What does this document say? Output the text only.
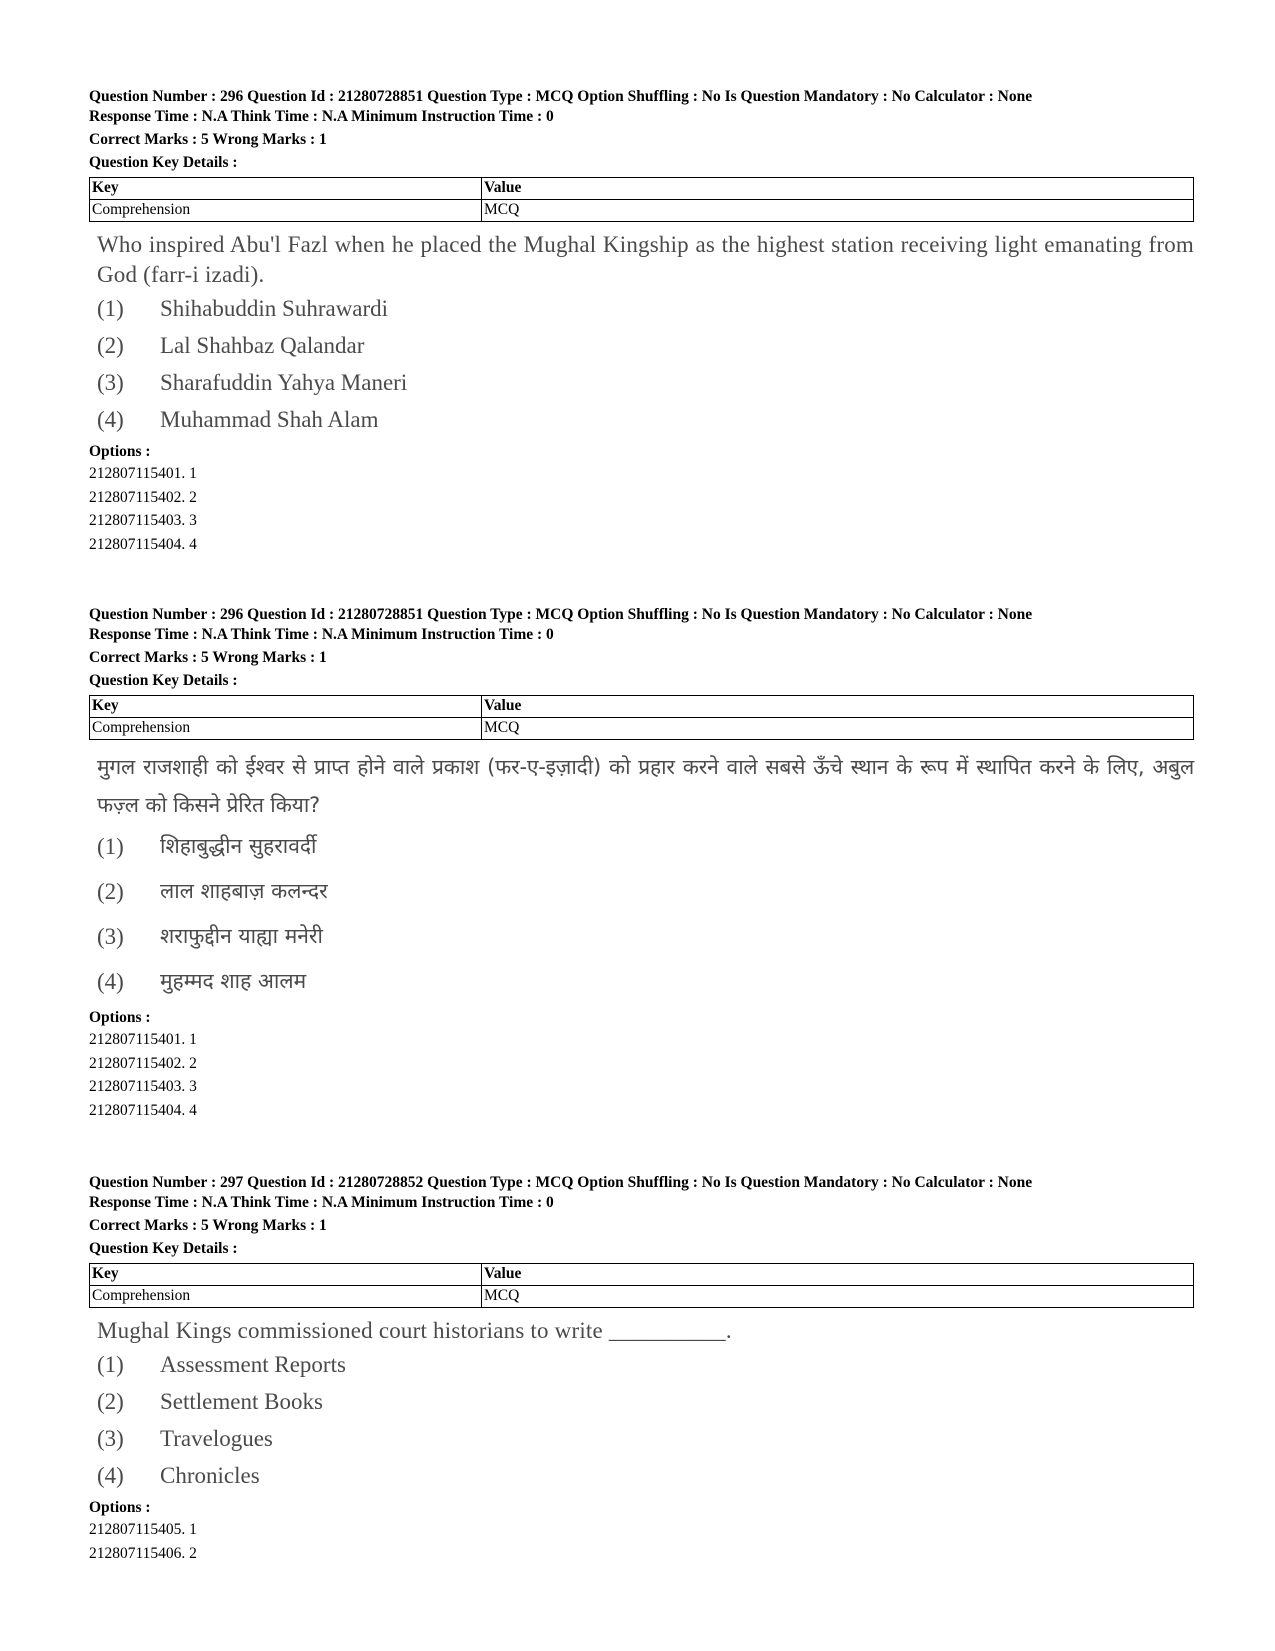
Question Number : 296 Question Id : 21280728851 Question Type : MCQ Option Shuffling : No Is Question Mandatory : No Calculator : None
Response Time : N.A Think Time : N.A Minimum Instruction Time : 0
Correct Marks : 5 Wrong Marks : 1
Question Key Details :
Key	Value
Comprehension	MCQ
Who inspired Abu'l Fazl when he placed the Mughal Kingship as the highest station receiving light emanating from God (farr-i izadi).
(1)	Shihabuddin Suhrawardi
(2)	Lal Shahbaz Qalandar
(3)	Sharafuddin Yahya Maneri
(4)	Muhammad Shah Alam
Options :
212807115401. 1
212807115402. 2
212807115403. 3
212807115404. 4
Question Number : 296 Question Id : 21280728851 Question Type : MCQ Option Shuffling : No Is Question Mandatory : No Calculator : None
Response Time : N.A Think Time : N.A Minimum Instruction Time : 0
Correct Marks : 5 Wrong Marks : 1
Question Key Details :
Key	Value
Comprehension	MCQ
मुगल राजशाही को ईश्वर से प्राप्त होने वाले प्रकाश (फर-ए-इज़ादी) को प्रहार करने वाले सबसे ऊँचे स्थान के रूप में स्थापित करने के लिए, अबुल फज़्ल को किसने प्रेरित किया?
(1)	शिहाबुद्धीन सुहरावर्दी
(2)	लाल शाहबाज़ कलन्दर
(3)	शराफुद्दीन याह्या मनेरी
(4)	मुहम्मद शाह आलम
Options :
212807115401. 1
212807115402. 2
212807115403. 3
212807115404. 4
Question Number : 297 Question Id : 21280728852 Question Type : MCQ Option Shuffling : No Is Question Mandatory : No Calculator : None
Response Time : N.A Think Time : N.A Minimum Instruction Time : 0
Correct Marks : 5 Wrong Marks : 1
Question Key Details :
Key	Value
Comprehension	MCQ
Mughal Kings commissioned court historians to write __________.
(1)	Assessment Reports
(2)	Settlement Books
(3)	Travelogues
(4)	Chronicles
Options :
212807115405. 1
212807115406. 2
